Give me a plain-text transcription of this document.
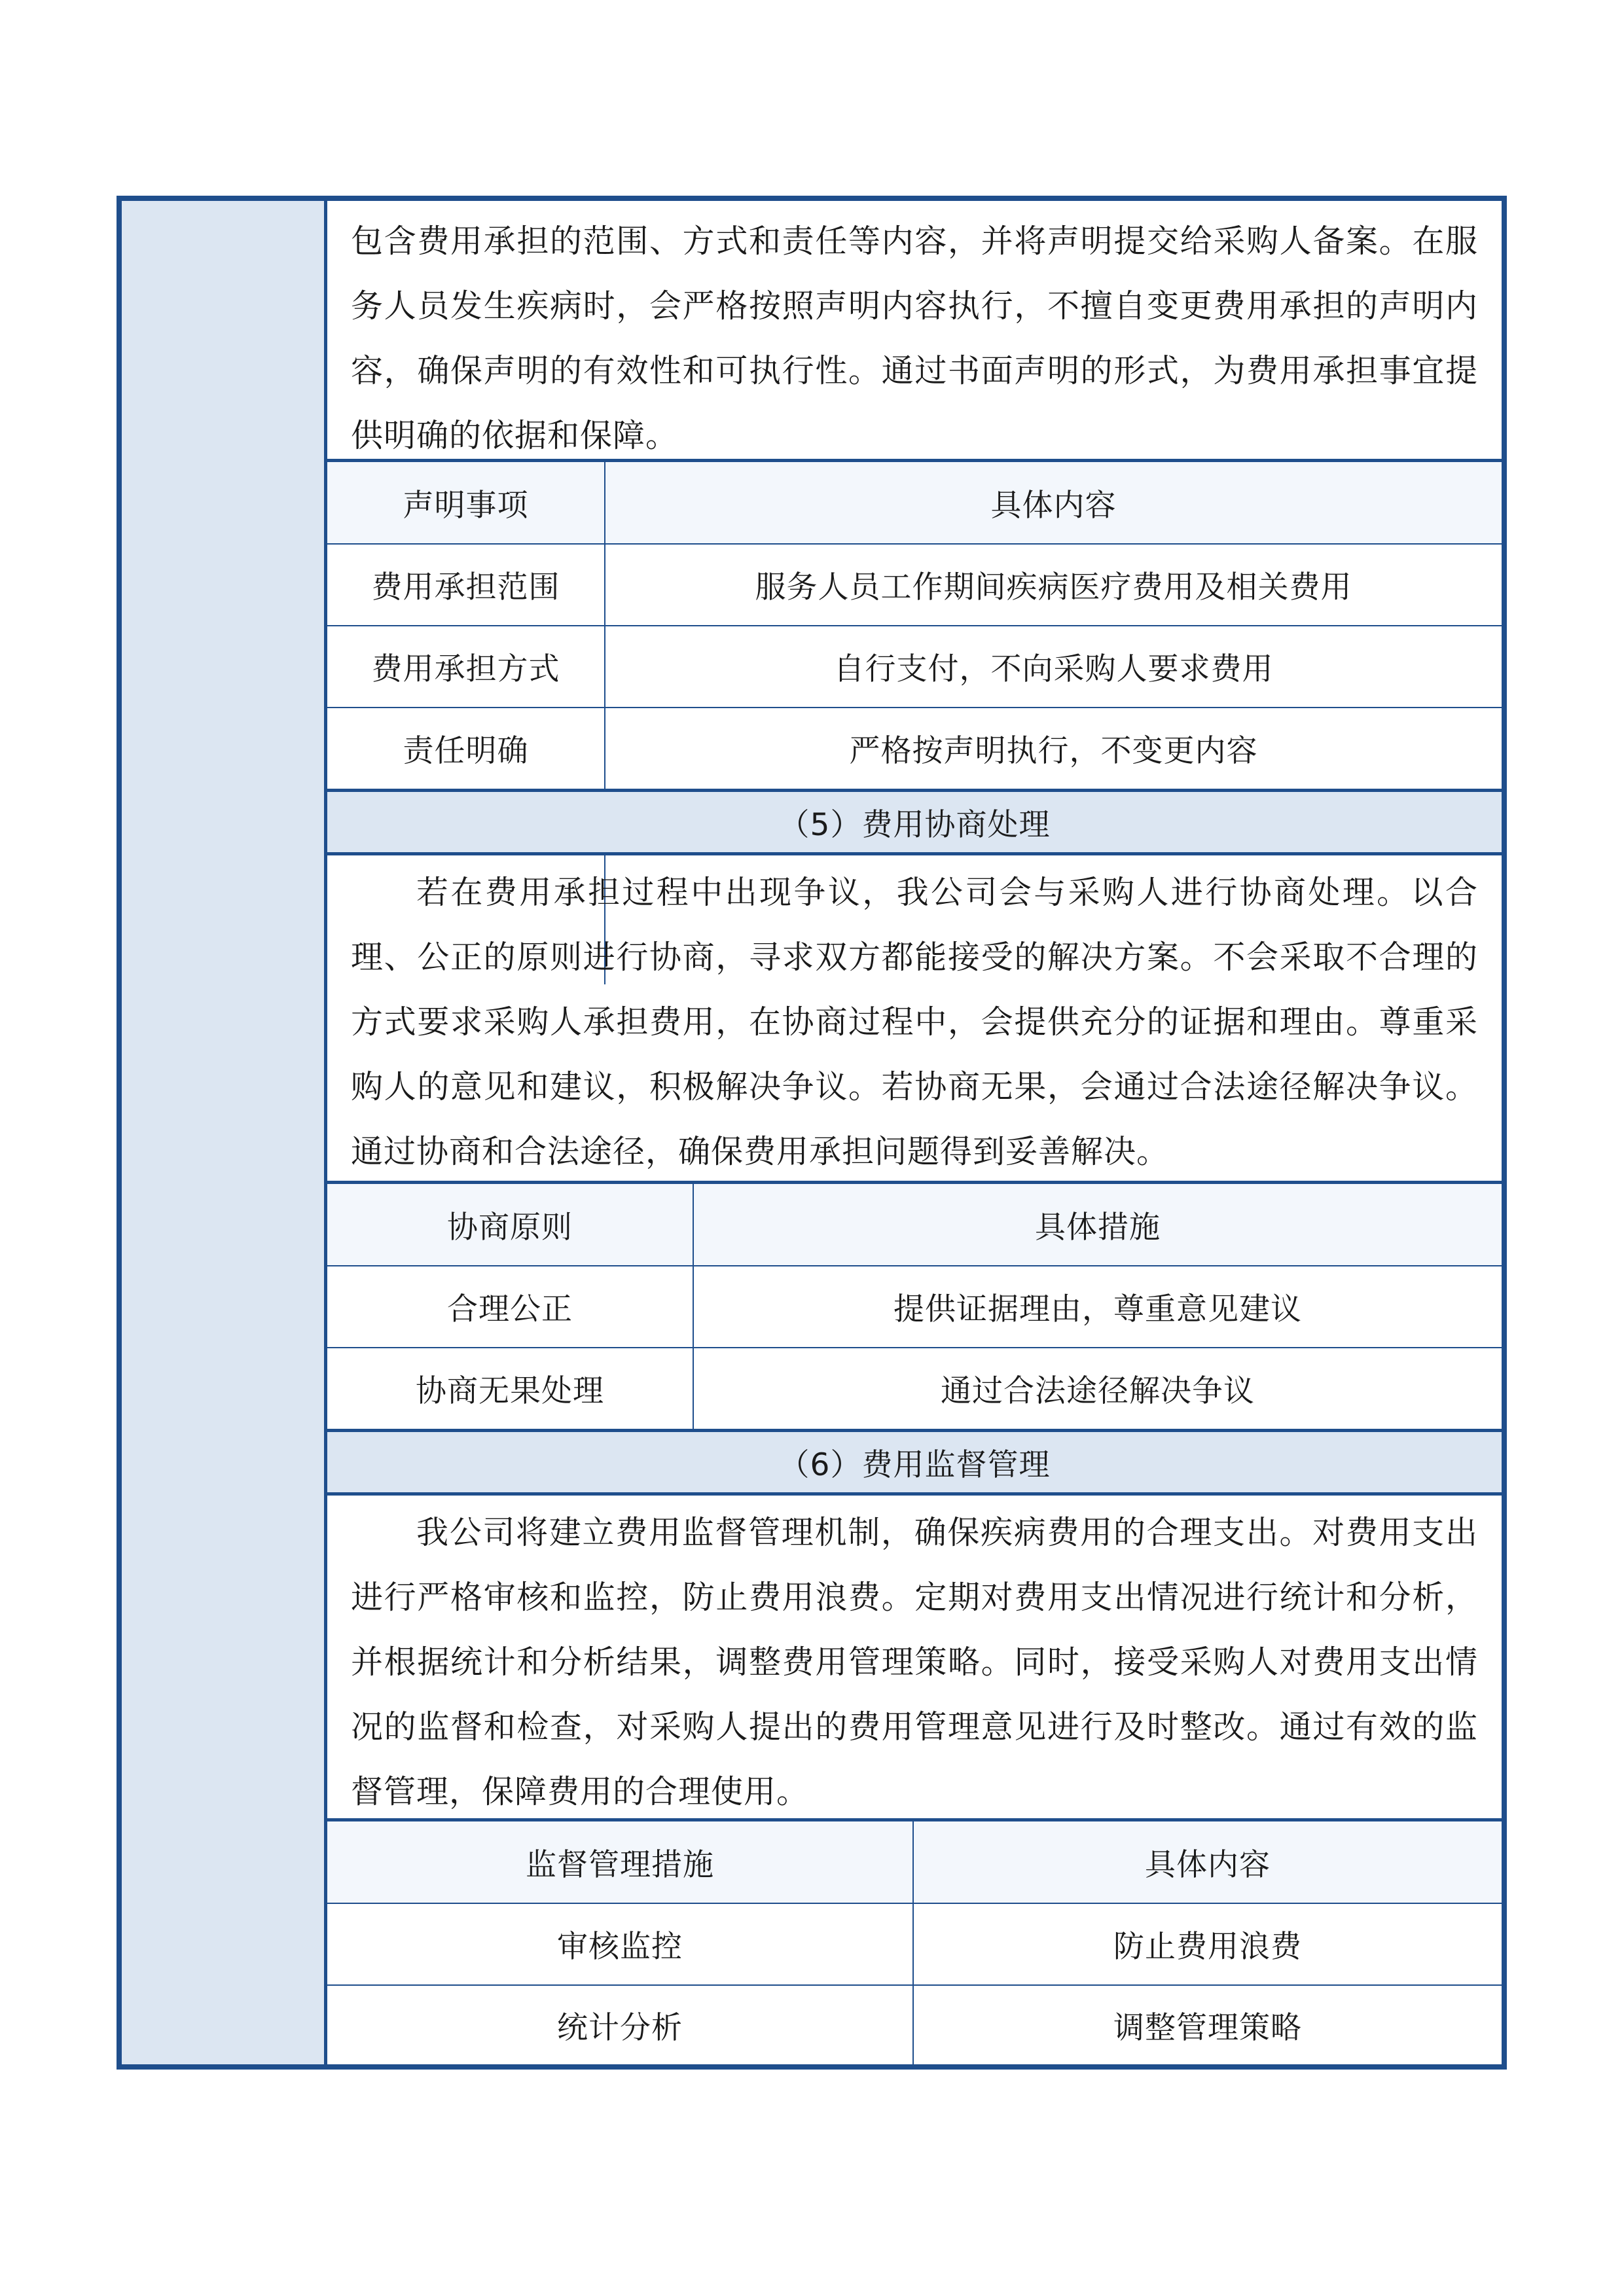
包含费用承担的范围、方式和责任等内容，并将声明提交给采购人备案。在服务人员发生疾病时，会严格按照声明内容执行，不擅自变更费用承担的声明内容，确保声明的有效性和可执行性。通过书面声明的形式，为费用承担事宜提供明确的依据和保障。
声明事项	具体内容
费用承担范围	服务人员工作期间疾病医疗费用及相关费用
费用承担方式	自行支付，不向采购人要求费用
责任明确	严格按声明执行，不变更内容
（5）费用协商处理
若在费用承担过程中出现争议，我公司会与采购人进行协商处理。以合理、公正的原则进行协商，寻求双方都能接受的解决方案。不会采取不合理的方式要求采购人承担费用，在协商过程中，会提供充分的证据和理由。尊重采购人的意见和建议，积极解决争议。若协商无果，会通过合法途径解决争议。通过协商和合法途径，确保费用承担问题得到妥善解决。
协商原则	具体措施
合理公正	提供证据理由，尊重意见建议
协商无果处理	通过合法途径解决争议
（6）费用监督管理
我公司将建立费用监督管理机制，确保疾病费用的合理支出。对费用支出进行严格审核和监控，防止费用浪费。定期对费用支出情况进行统计和分析，并根据统计和分析结果，调整费用管理策略。同时，接受采购人对费用支出情况的监督和检查，对采购人提出的费用管理意见进行及时整改。通过有效的监督管理，保障费用的合理使用。
监督管理措施	具体内容
审核监控	防止费用浪费
统计分析	调整管理策略
